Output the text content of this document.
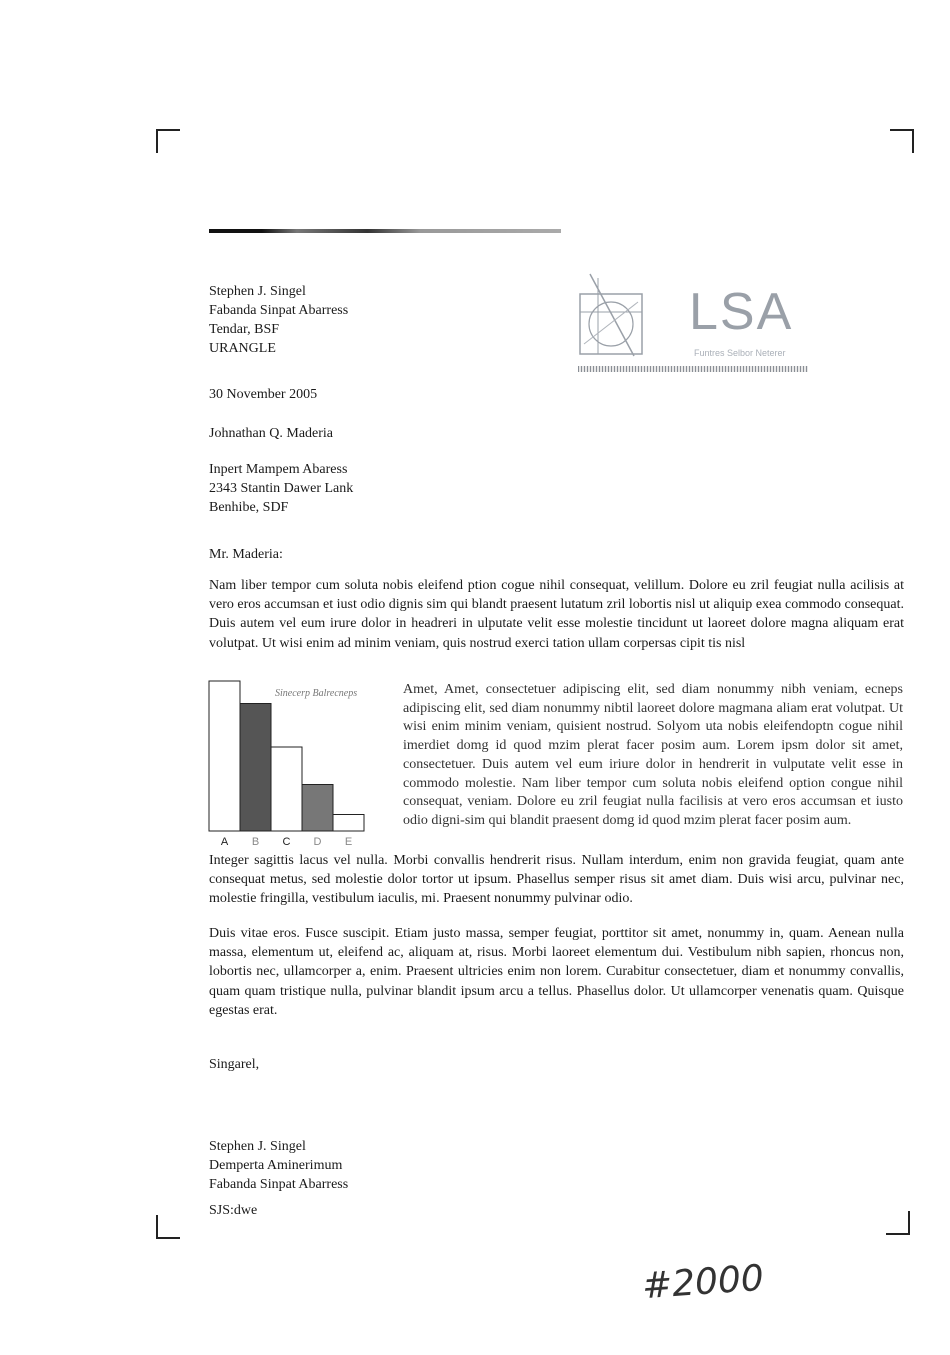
Stephen J. Singel
Fabanda Sinpat Abarress
Tendar, BSF
URANGLE
LSA
Funtres Selbor Neterer
30 November 2005
Johnathan Q. Maderia
Inpert Mampem Abaress
2343 Stantin Dawer Lank
Benhibe, SDF
Mr. Maderia:
Nam liber tempor cum soluta nobis eleifend ption cogue nihil consequat, velillum. Dolore eu zril feugiat nulla acilisis at vero eros accumsan et iust odio dignis sim qui blandt praesent lutatum zril lobortis nisl ut aliquip exea commodo consequat. Duis autem vel eum irure dolor in headreri in ulputate velit esse molestie tincidunt ut laoreet dolore magna aliquam erat volutpat. Ut wisi enim ad minim veniam, quis nostrud exerci tation ullam corpersas cipit tis nisl
A B C D E
Sinecerp Balrecneps	Amet, Amet, consectetuer adipiscing elit, sed diam nonummy nibh veniam, ecneps adipiscing elit, sed diam nonummy nibtil laoreet dolore magmana aliam erat volutpat. Ut wisi enim minim veniam, quisient nostrud. Solyom uta nobis eleifendoptn cogue nihil imerdiet domg id quod mzim plerat facer posim aum. Lorem ipsm dolor sit amet, consectetuer. Duis autem vel eum iriure dolor in hendrerit in vulputate velit esse in commodo molestie. Nam liber tempor cum soluta nobis eleifend option congue nihil consequat, veniam. Dolore eu zril feugiat nulla facilisis at vero eros accumsan et iusto odio digni-sim qui blandit praesent domg id quod mzim plerat facer posim aum.
Integer sagittis lacus vel nulla. Morbi convallis hendrerit risus. Nullam interdum, enim non gravida feugiat, quam ante consequat metus, sed molestie dolor tortor ut ipsum. Phasellus semper risus sit amet diam. Duis wisi arcu, pulvinar nec, molestie fringilla, vestibulum iaculis, mi. Praesent nonummy pulvinar odio.
Duis vitae eros. Fusce suscipit. Etiam justo massa, semper feugiat, porttitor sit amet, nonummy in, quam. Aenean nulla massa, elementum ut, eleifend ac, aliquam at, risus. Morbi laoreet elementum dui. Vestibulum nibh sapien, rhoncus non, lobortis nec, ullamcorper a, enim. Praesent ultricies enim non lorem. Curabitur consectetuer, diam et nonummy convallis, quam quam tristique nulla, pulvinar blandit ipsum arcu a tellus. Phasellus dolor. Ut ullamcorper venenatis quam. Quisque egestas erat.
Singarel,
Stephen J. Singel
Demperta Aminerimum
Fabanda Sinpat Abarress
SJS:dwe
#2000
